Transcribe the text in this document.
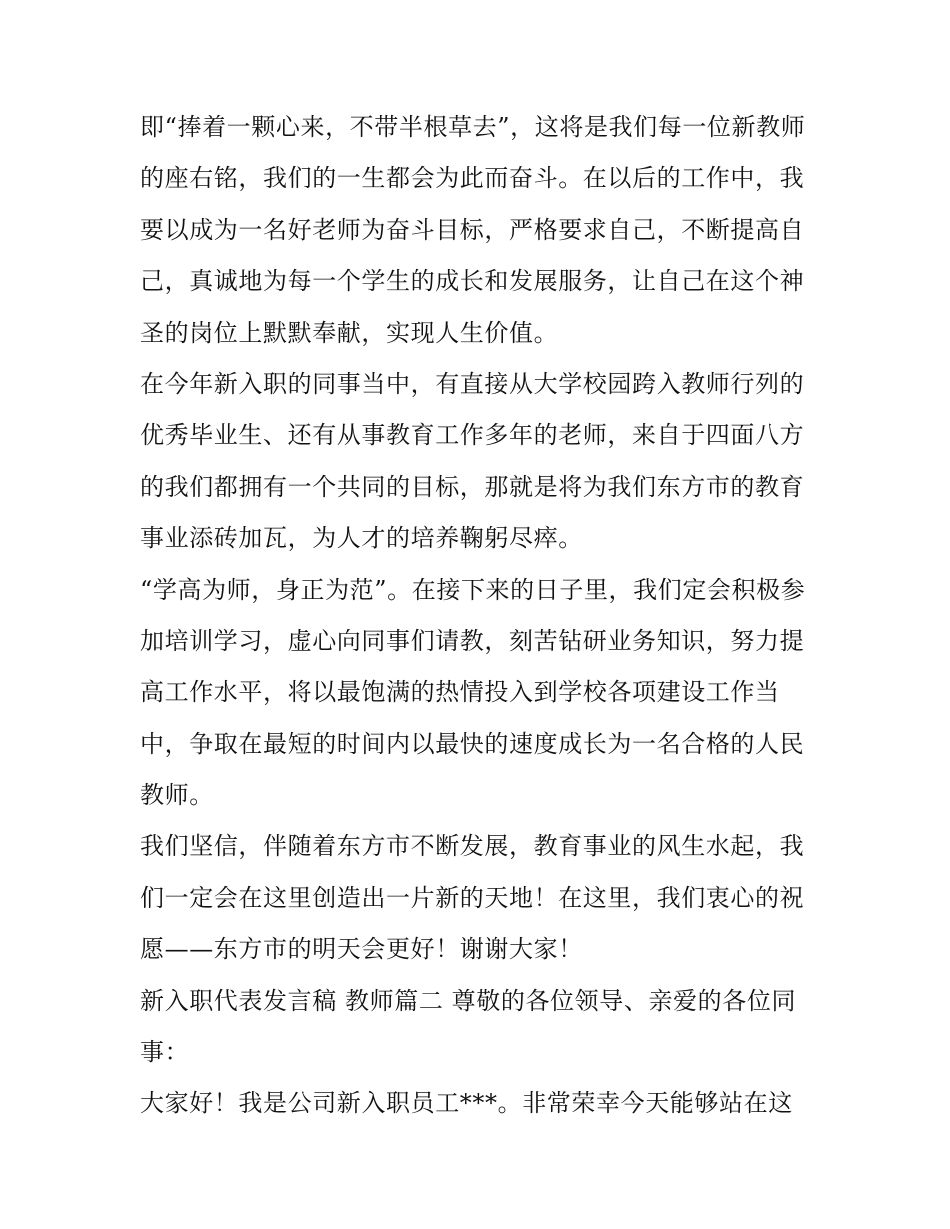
即“捧着一颗心来，不带半根草去”，这将是我们每一位新教师
的座右铭，我们的一生都会为此而奋斗。在以后的工作中，我
要以成为一名好老师为奋斗目标，严格要求自己，不断提高自
己，真诚地为每一个学生的成长和发展服务，让自己在这个神
圣的岗位上默默奉献，实现人生价值。
在今年新入职的同事当中，有直接从大学校园跨入教师行列的
优秀毕业生、还有从事教育工作多年的老师，来自于四面八方
的我们都拥有一个共同的目标，那就是将为我们东方市的教育
事业添砖加瓦，为人才的培养鞠躬尽瘁。
“学高为师，身正为范”。在接下来的日子里，我们定会积极参
加培训学习，虚心向同事们请教，刻苦钻研业务知识，努力提
高工作水平，将以最饱满的热情投入到学校各项建设工作当
中，争取在最短的时间内以最快的速度成长为一名合格的人民
教师。
我们坚信，伴随着东方市不断发展，教育事业的风生水起，我
们一定会在这里创造出一片新的天地！在这里，我们衷心的祝
愿——东方市的明天会更好！谢谢大家！
新入职代表发言稿 教师篇二 尊敬的各位领导、亲爱的各位同
事：
大家好！我是公司新入职员工***。非常荣幸今天能够站在这
